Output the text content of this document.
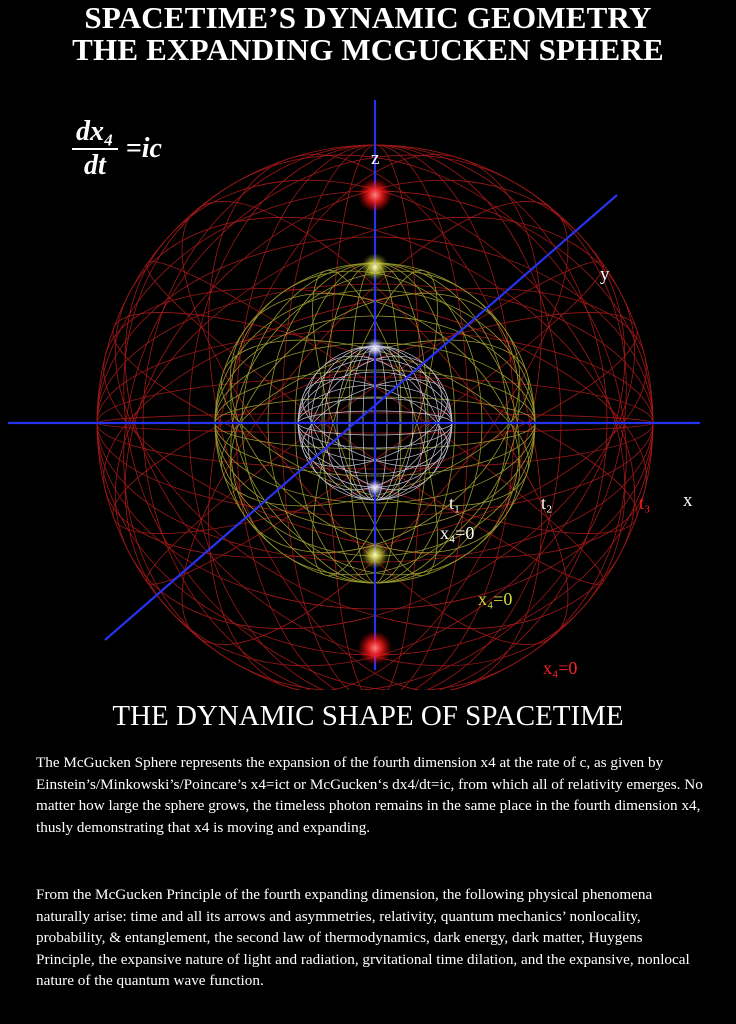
SPACETIME’S DYNAMIC GEOMETRY
THE EXPANDING MCGUCKEN SPHERE
$\frac{\text{dx₄}}{dt} =ic$	z
y
x
t₁	t₂	t₃
x₄=0
x₄=0
x₄=0
THE DYNAMIC SHAPE OF SPACETIME
The McGucken Sphere represents the expansion of the fourth dimension x4 at the rate of c, as given by Einstein’s/Minkowski’s/Poincare’s x4=ict or McGucken‘s dx4/dt=ic, from which all of relativity emerges. No matter how large the sphere grows, the timeless photon remains in the same place in the fourth dimension x4, thusly demonstrating that x4 is moving and expanding.
From the McGucken Principle of the fourth expanding dimension, the following physical phenomena naturally arise: time and all its arrows and asymmetries, relativity, quantum mechanics’ nonlocality, probability, & entanglement, the second law of thermodynamics, dark energy, dark matter, Huygens Principle, the expansive nature of light and radiation, grvitational time dilation, and the expansive, nonlocal nature of the quantum wave function.
